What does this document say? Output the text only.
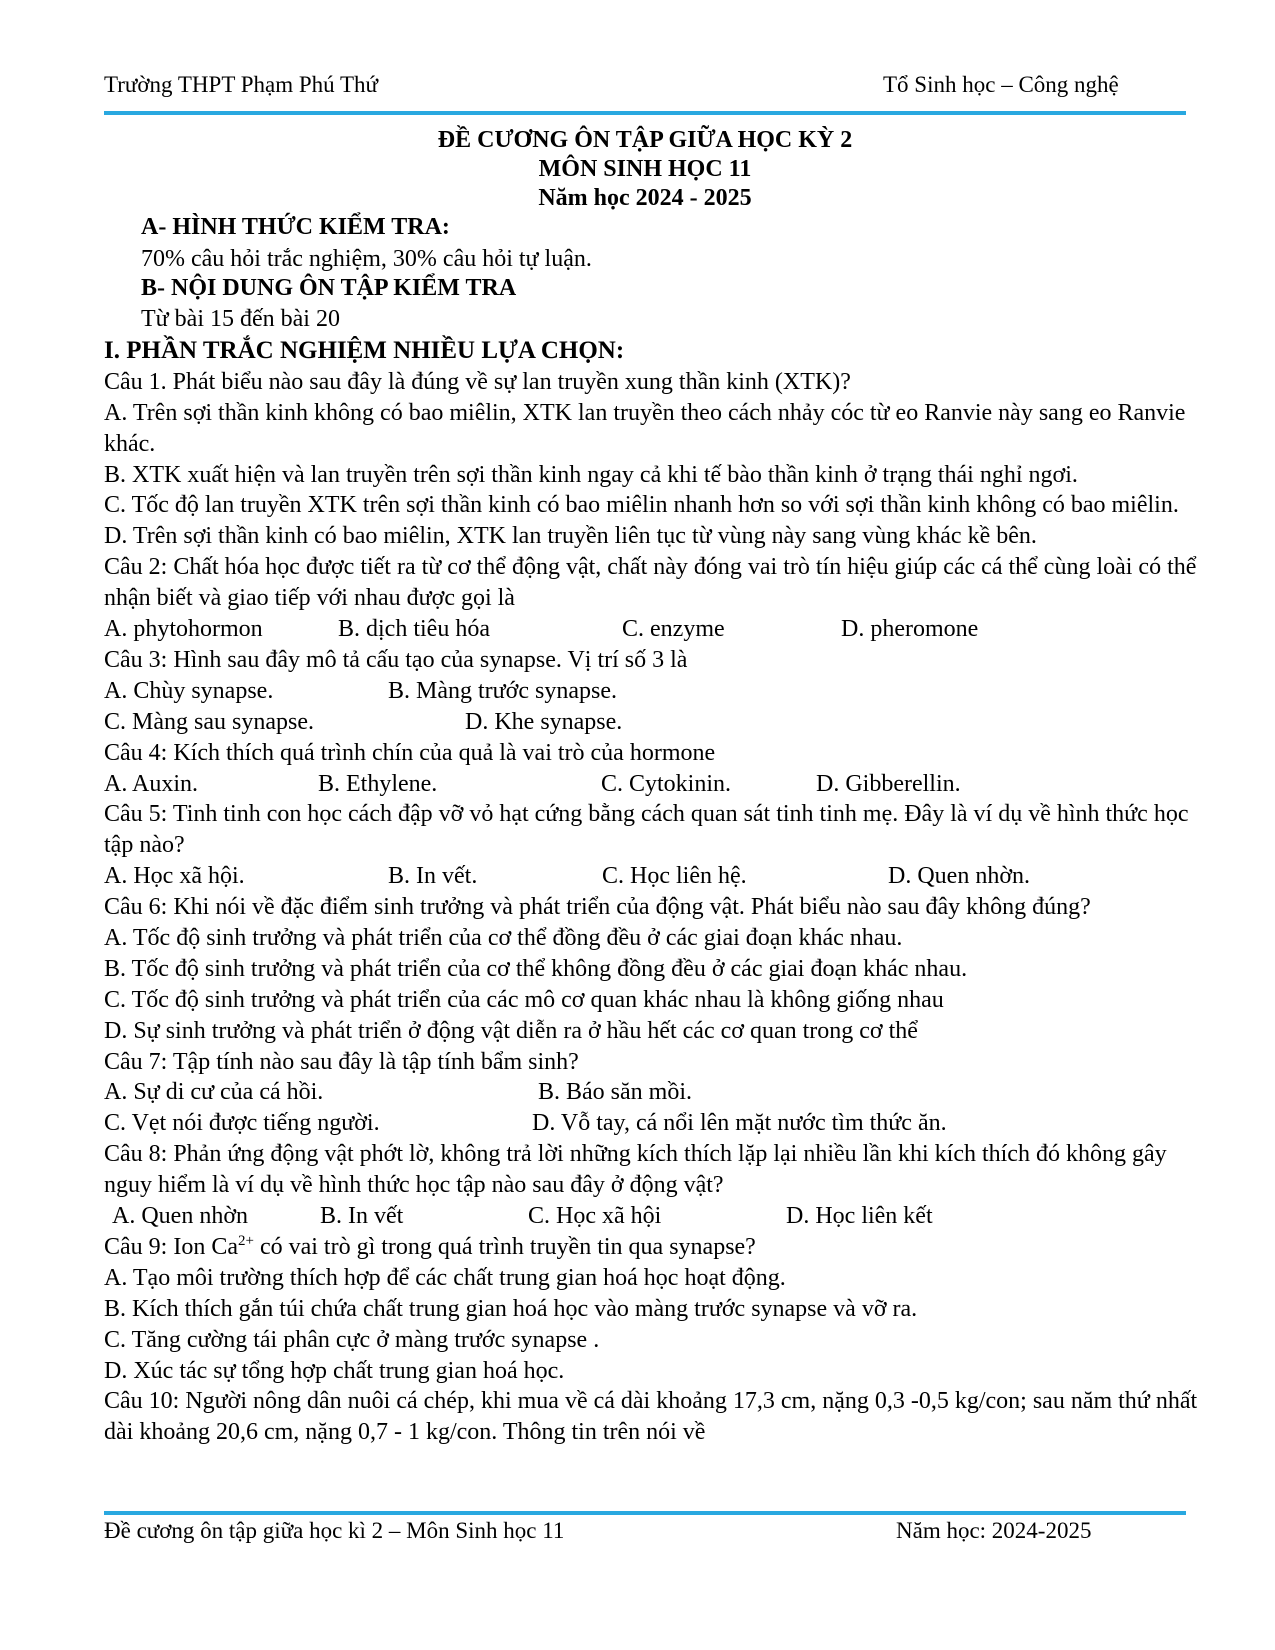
Trường THPT Phạm Phú Thứ	Tổ Sinh học – Công nghệ
ĐỀ CƯƠNG ÔN TẬP GIỮA HỌC KỲ 2
MÔN SINH HỌC 11
Năm học 2024 - 2025
A- HÌNH THỨC KIỂM TRA:
70% câu hỏi trắc nghiệm, 30% câu hỏi tự luận.
B- NỘI DUNG ÔN TẬP KIỂM TRA
Từ bài 15 đến bài 20
I. PHẦN TRẮC NGHIỆM NHIỀU LỰA CHỌN:
Câu 1. Phát biểu nào sau đây là đúng về sự lan truyền xung thần kinh (XTK)?
A. Trên sợi thần kinh không có bao miêlin, XTK lan truyền theo cách nhảy cóc từ eo Ranvie này sang eo Ranvie khác.
B. XTK xuất hiện và lan truyền trên sợi thần kinh ngay cả khi tế bào thần kinh ở trạng thái nghỉ ngơi.
C. Tốc độ lan truyền XTK trên sợi thần kinh có bao miêlin nhanh hơn so với sợi thần kinh không có bao miêlin.
D. Trên sợi thần kinh có bao miêlin, XTK lan truyền liên tục từ vùng này sang vùng khác kề bên.
Câu 2: Chất hóa học được tiết ra từ cơ thể động vật, chất này đóng vai trò tín hiệu giúp các cá thể cùng loài có thể nhận biết và giao tiếp với nhau được gọi là
A. phytohormon	B. dịch tiêu hóa	C. enzyme	D. pheromone
Câu 3: Hình sau đây mô tả cấu tạo của synapse. Vị trí số 3 là
A. Chùy synapse.	B. Màng trước synapse.
C. Màng sau synapse.	D. Khe synapse.
Câu 4: Kích thích quá trình chín của quả là vai trò của hormone
A. Auxin.	B. Ethylene.	C. Cytokinin.	D. Gibberellin.
Câu 5: Tinh tinh con học cách đập vỡ vỏ hạt cứng bằng cách quan sát tinh tinh mẹ. Đây là ví dụ về hình thức học tập nào?
A. Học xã hội.	B. In vết.	C. Học liên hệ.	D. Quen nhờn.
Câu 6: Khi nói về đặc điểm sinh trưởng và phát triển của động vật. Phát biểu nào sau đây không đúng?
A. Tốc độ sinh trưởng và phát triển của cơ thể đồng đều ở các giai đoạn khác nhau.
B. Tốc độ sinh trưởng và phát triển của cơ thể không đồng đều ở các giai đoạn khác nhau.
C. Tốc độ sinh trưởng và phát triển của các mô cơ quan khác nhau là không giống nhau
D. Sự sinh trưởng và phát triển ở động vật diễn ra ở hầu hết các cơ quan trong cơ thể
Câu 7: Tập tính nào sau đây là tập tính bẩm sinh?
A. Sự di cư của cá hồi.	B. Báo săn mồi.
C. Vẹt nói được tiếng người.	D. Vỗ tay, cá nổi lên mặt nước tìm thức ăn.
Câu 8: Phản ứng động vật phớt lờ, không trả lời những kích thích lặp lại nhiều lần khi kích thích đó không gây nguy hiểm là ví dụ về hình thức học tập nào sau đây ở động vật?
A. Quen nhờn	B. In vết	C. Học xã hội	D. Học liên kết
Câu 9: Ion $Ca^{2+}$ có vai trò gì trong quá trình truyền tin qua synapse?
A. Tạo môi trường thích hợp để các chất trung gian hoá học hoạt động.
B. Kích thích gắn túi chứa chất trung gian hoá học vào màng trước synapse và vỡ ra.
C. Tăng cường tái phân cực ở màng trước synapse .
D. Xúc tác sự tổng hợp chất trung gian hoá học.
Câu 10: Người nông dân nuôi cá chép, khi mua về cá dài khoảng 17,3 cm, nặng 0,3 -0,5 kg/con; sau năm thứ nhất dài khoảng 20,6 cm, nặng 0,7 - 1 kg/con. Thông tin trên nói về
Đề cương ôn tập giữa học kì 2 – Môn Sinh học 11	Năm học: 2024-2025
